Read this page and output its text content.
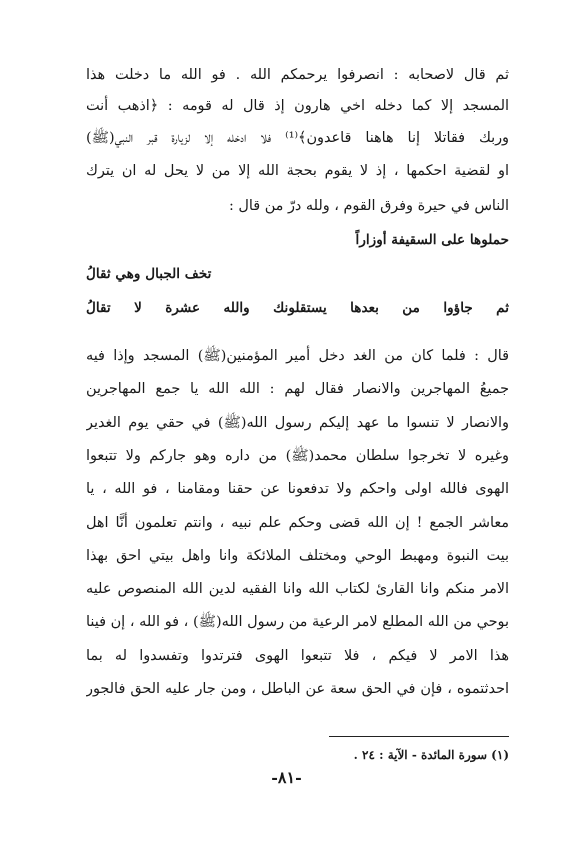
ثم قال لاصحابه : انصرفوا يرحمكم الله . فو الله ما دخلت هذا
المسجد إلا كما دخله اخي هارون إذ قال له قومه : ﴿اذهب أنت
وربك فقاتلا إنا هاهنا قاعدون﴾⁽¹⁾ فلا ادخله إلا لزيارة قبر النبي(ﷺ)
او لقضية احكمها ، إذ لا يقوم بحجة الله إلا من لا يحل له ان يترك
الناس في حيرة وفرق القوم ، ولله درّ من قال :
حملوها على السقيفة أوزاراً
تخف الجبال وهي ثقالُ
ثم جاؤوا من بعدها يستقلونك والله عشرة لا تقالُ
قال : فلما كان من الغد دخل أمير المؤمنين(ﷺ) المسجد وإذا فيه
جميعُ المهاجرين والانصار فقال لهم : الله الله يا جمع المهاجرين
والانصار لا تنسوا ما عهد إليكم رسول الله(ﷺ) في حقي يوم الغدير
وغيره لا تخرجوا سلطان محمد(ﷺ) من داره وهو جاركم ولا تتبعوا
الهوى فالله اولى واحكم ولا تدفعونا عن حقنا ومقامنا ، فو الله ، يا
معاشر الجمع ! إن الله قضى وحكم علم نبيه ، وانتم تعلمون أنَّا اهل
بيت النبوة ومهبط الوحي ومختلف الملائكة وانا واهل بيتي احق بهذا
الامر منكم وانا القارئ لكتاب الله وانا الفقيه لدين الله المنصوص عليه
بوحي من الله المطلع لامر الرعية من رسول الله(ﷺ) ، فو الله ، إن فينا
هذا الامر لا فيكم ، فلا تتبعوا الهوى فترتدوا وتفسدوا له بما
احدثتموه ، فإن في الحق سعة عن الباطل ، ومن جار عليه الحق فالجور
(١) سورة المائدة - الآية : ٢٤ .
-٨١-
